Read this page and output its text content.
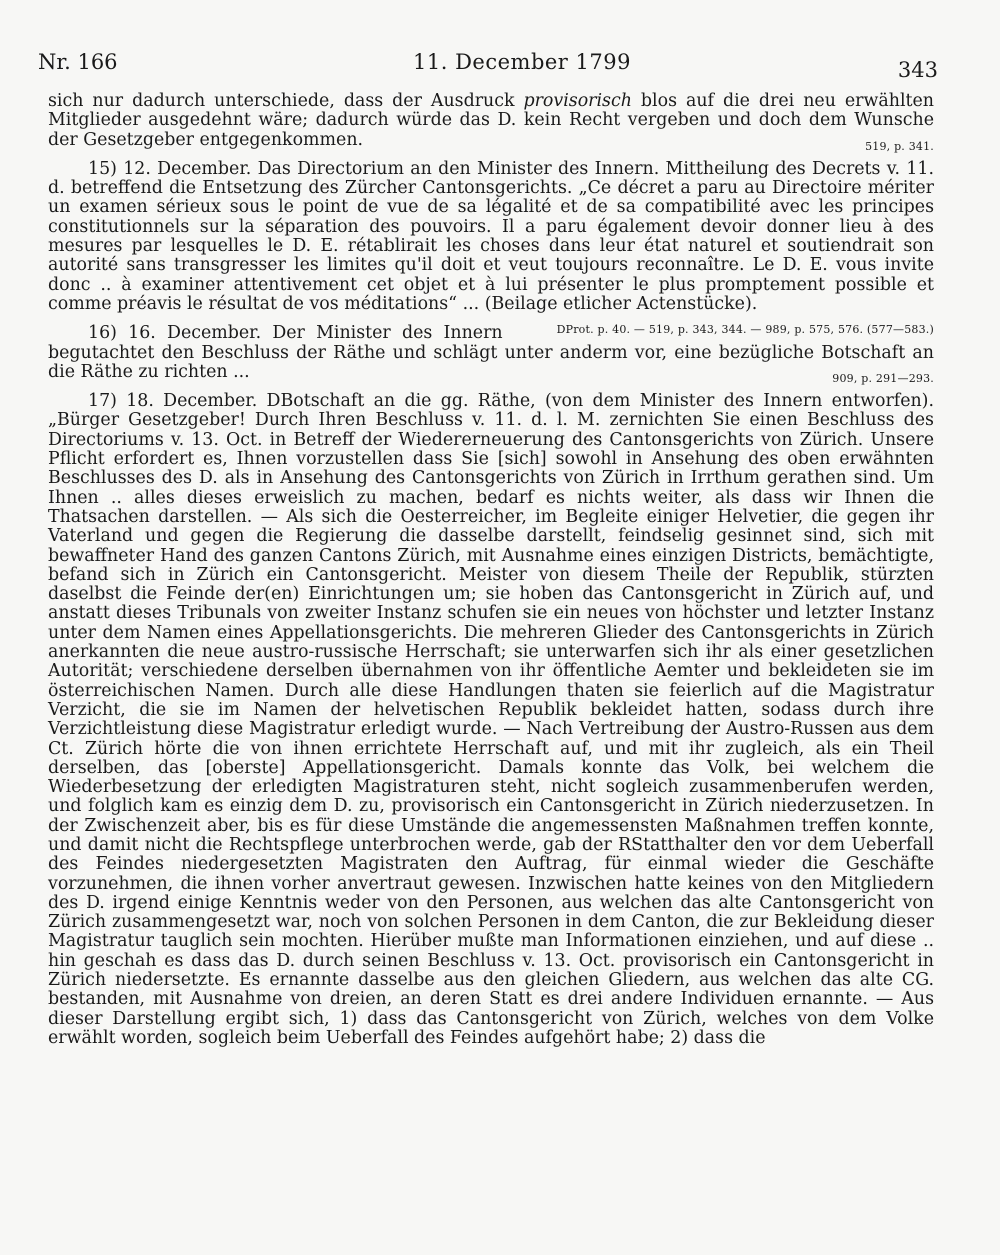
Nr. 166	11. December 1799	343

sich nur dadurch unterschiede, dass der Ausdruck provisorisch blos auf die drei neu erwählten Mitglieder ausgedehnt wäre; dadurch würde das D. kein Recht vergeben und doch dem Wunsche der Gesetzgeber entgegenkommen.	519, p. 341.

15) 12. December. Das Directorium an den Minister des Innern. Mittheilung des Decrets v. 11. d. betreffend die Entsetzung des Zürcher Cantonsgerichts. „Ce décret a paru au Directoire mériter un examen sérieux sous le point de vue de sa légalité et de sa compatibilité avec les principes constitutionnels sur la séparation des pouvoirs. Il a paru également devoir donner lieu à des mesures par lesquelles le D. E. rétablirait les choses dans leur état naturel et soutiendrait son autorité sans transgresser les limites qu'il doit et veut toujours reconnaître. Le D. E. vous invite donc .. à examiner attentivement cet objet et à lui présenter le plus promptement possible et comme préavis le résultat de vos méditations“ ... (Beilage etlicher Actenstücke).
DProt. p. 40. — 519, p. 343, 344. — 989, p. 575, 576. (577—583.)

16) 16. December. Der Minister des Innern begutachtet den Beschluss der Räthe und schlägt unter anderm vor, eine bezügliche Botschaft an die Räthe zu richten ...	909, p. 291—293.

17) 18. December. DBotschaft an die gg. Räthe, (von dem Minister des Innern entworfen). „Bürger Gesetzgeber! Durch Ihren Beschluss v. 11. d. l. M. zernichten Sie einen Beschluss des Directoriums v. 13. Oct. in Betreff der Wiedererneuerung des Cantonsgerichts von Zürich. Unsere Pflicht erfordert es, Ihnen vorzustellen dass Sie [sich] sowohl in Ansehung des oben erwähnten Beschlusses des D. als in Ansehung des Cantonsgerichts von Zürich in Irrthum gerathen sind. Um Ihnen .. alles dieses erweislich zu machen, bedarf es nichts weiter, als dass wir Ihnen die Thatsachen darstellen. — Als sich die Oesterreicher, im Begleite einiger Helvetier, die gegen ihr Vaterland und gegen die Regierung die dasselbe darstellt, feindselig gesinnet sind, sich mit bewaffneter Hand des ganzen Cantons Zürich, mit Ausnahme eines einzigen Districts, bemächtigte, befand sich in Zürich ein Cantonsgericht. Meister von diesem Theile der Republik, stürzten daselbst die Feinde der(en) Einrichtungen um; sie hoben das Cantonsgericht in Zürich auf, und anstatt dieses Tribunals von zweiter Instanz schufen sie ein neues von höchster und letzter Instanz unter dem Namen eines Appellationsgerichts. Die mehreren Glieder des Cantonsgerichts in Zürich anerkannten die neue austro-russische Herrschaft; sie unterwarfen sich ihr als einer gesetzlichen Autorität; verschiedene derselben übernahmen von ihr öffentliche Aemter und bekleideten sie im österreichischen Namen. Durch alle diese Handlungen thaten sie feierlich auf die Magistratur Verzicht, die sie im Namen der helvetischen Republik bekleidet hatten, sodass durch ihre Verzichtleistung diese Magistratur erledigt wurde. — Nach Vertreibung der Austro-Russen aus dem Ct. Zürich hörte die von ihnen errichtete Herrschaft auf, und mit ihr zugleich, als ein Theil derselben, das [oberste] Appellationsgericht. Damals konnte das Volk, bei welchem die Wiederbesetzung der erledigten Magistraturen steht, nicht sogleich zusammenberufen werden, und folglich kam es einzig dem D. zu, provisorisch ein Cantonsgericht in Zürich niederzusetzen. In der Zwischenzeit aber, bis es für diese Umstände die angemessensten Maßnahmen treffen konnte, und damit nicht die Rechtspflege unterbrochen werde, gab der RStatthalter den vor dem Ueberfall des Feindes niedergesetzten Magistraten den Auftrag, für einmal wieder die Geschäfte vorzunehmen, die ihnen vorher anvertraut gewesen. Inzwischen hatte keines von den Mitgliedern des D. irgend einige Kenntnis weder von den Personen, aus welchen das alte Cantonsgericht von Zürich zusammengesetzt war, noch von solchen Personen in dem Canton, die zur Bekleidung dieser Magistratur tauglich sein mochten. Hierüber mußte man Informationen einziehen, und auf diese .. hin geschah es dass das D. durch seinen Beschluss v. 13. Oct. provisorisch ein Cantonsgericht in Zürich niedersetzte. Es ernannte dasselbe aus den gleichen Gliedern, aus welchen das alte CG. bestanden, mit Ausnahme von dreien, an deren Statt es drei andere Individuen ernannte. — Aus dieser Darstellung ergibt sich, 1) dass das Cantonsgericht von Zürich, welches von dem Volke erwählt worden, sogleich beim Ueberfall des Feindes aufgehört habe; 2) dass die
